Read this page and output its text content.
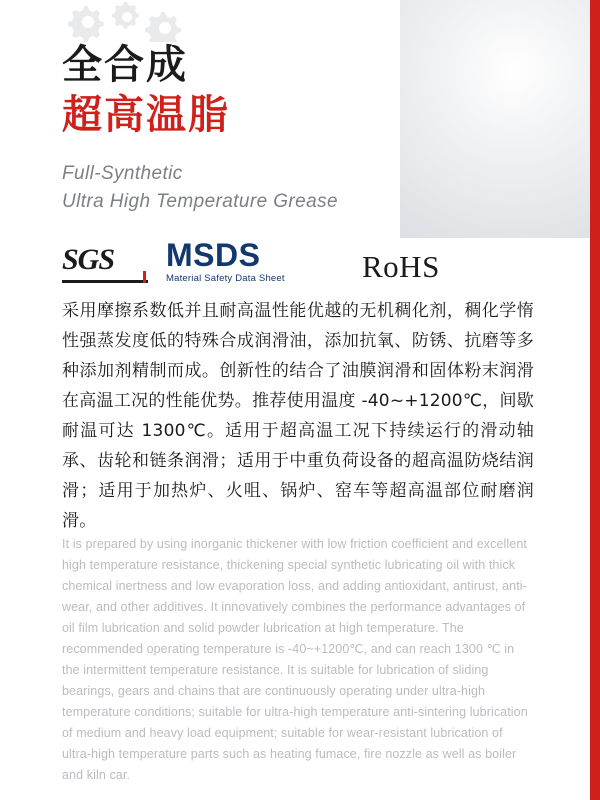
全合成
超高温脂
Full-Synthetic
Ultra High Temperature Grease
SGS	MSDS
Material Safety Data Sheet	RoHS
采用摩擦系数低并且耐高温性能优越的无机稠化剂，稠化学惰性强蒸发度低的特殊合成润滑油，添加抗氧、防锈、抗磨等多种添加剂精制而成。创新性的结合了油膜润滑和固体粉末润滑在高温工况的性能优势。推荐使用温度 -40~+1200℃，间歇耐温可达 1300℃。适用于超高温工况下持续运行的滑动轴承、齿轮和链条润滑；适用于中重负荷设备的超高温防烧结润滑；适用于加热炉、火咀、锅炉、窑车等超高温部位耐磨润滑。
It is prepared by using inorganic thickener with low friction coefficient and excellent high temperature resistance, thickening special synthetic lubricating oil with thick chemical inertness and low evaporation loss, and adding antioxidant, antirust, anti-wear, and other additives. It innovatively combines the performance advantages of oil film lubrication and solid powder lubrication at high temperature. The recommended operating temperature is -40~+1200℃, and can reach 1300 ℃ in the intermittent temperature resistance. It is suitable for lubrication of sliding bearings, gears and chains that are continuously operating under ultra-high temperature conditions; suitable for ultra-high temperature anti-sintering lubrication of medium and heavy load equipment; suitable for wear-resistant lubrication of ultra-high temperature parts such as heating fumace, fire nozzle as well as boiler and kiln car.
